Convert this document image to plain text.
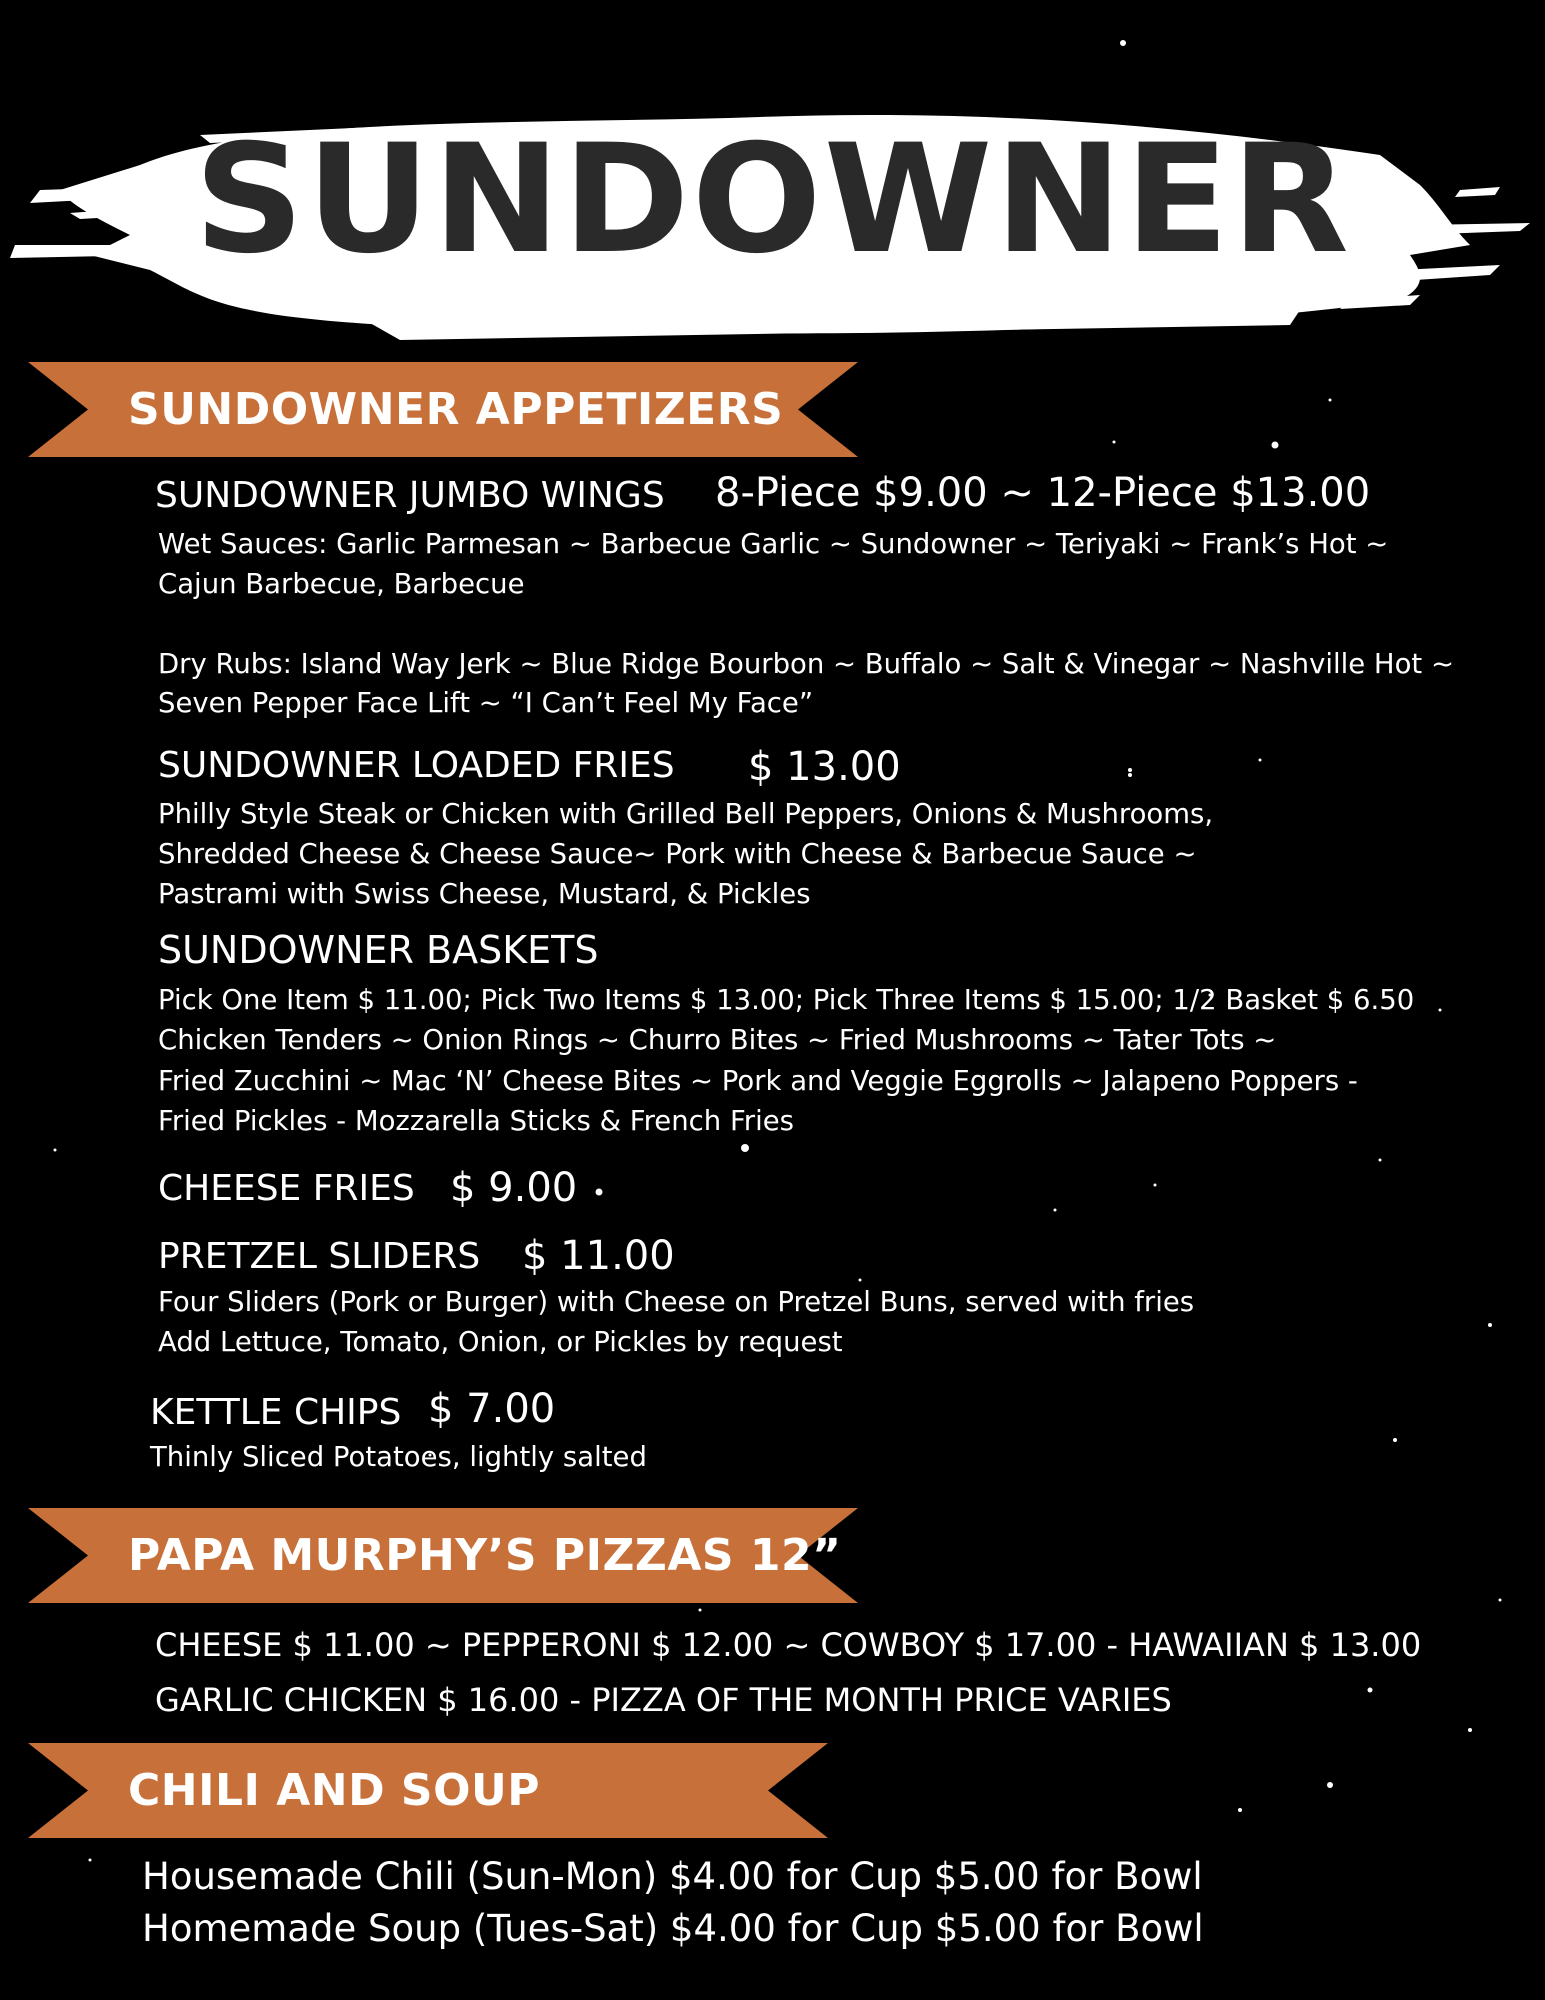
SUNDOWNER
SUNDOWNER APPETIZERS
SUNDOWNER JUMBO WINGS 8-Piece $9.00 ~ 12-Piece $13.00
Wet Sauces: Garlic Parmesan ~ Barbecue Garlic ~ Sundowner ~ Teriyaki ~ Frank’s Hot ~
Cajun Barbecue, Barbecue
Dry Rubs: Island Way Jerk ~ Blue Ridge Bourbon ~ Buffalo ~ Salt & Vinegar ~ Nashville Hot ~
Seven Pepper Face Lift ~ “I Can’t Feel My Face”
SUNDOWNER LOADED FRIES $ 13.00
Philly Style Steak or Chicken with Grilled Bell Peppers, Onions & Mushrooms,
Shredded Cheese & Cheese Sauce~ Pork with Cheese & Barbecue Sauce ~
Pastrami with Swiss Cheese, Mustard, & Pickles
SUNDOWNER BASKETS
Pick One Item $ 11.00; Pick Two Items $ 13.00; Pick Three Items $ 15.00; 1/2 Basket $ 6.50
Chicken Tenders ~ Onion Rings ~ Churro Bites ~ Fried Mushrooms ~ Tater Tots ~
Fried Zucchini ~ Mac ‘N’ Cheese Bites ~ Pork and Veggie Eggrolls ~ Jalapeno Poppers -
Fried Pickles - Mozzarella Sticks & French Fries
CHEESE FRIES $ 9.00
PRETZEL SLIDERS $ 11.00
Four Sliders (Pork or Burger) with Cheese on Pretzel Buns, served with fries
Add Lettuce, Tomato, Onion, or Pickles by request
KETTLE CHIPS $ 7.00
Thinly Sliced Potatoes, lightly salted
PAPA MURPHY’S PIZZAS 12”
CHEESE $ 11.00 ~ PEPPERONI $ 12.00 ~ COWBOY $ 17.00 - HAWAIIAN $ 13.00
GARLIC CHICKEN $ 16.00 - PIZZA OF THE MONTH PRICE VARIES
CHILI AND SOUP
Housemade Chili (Sun-Mon) $4.00 for Cup $5.00 for Bowl
Homemade Soup (Tues-Sat) $4.00 for Cup $5.00 for Bowl
